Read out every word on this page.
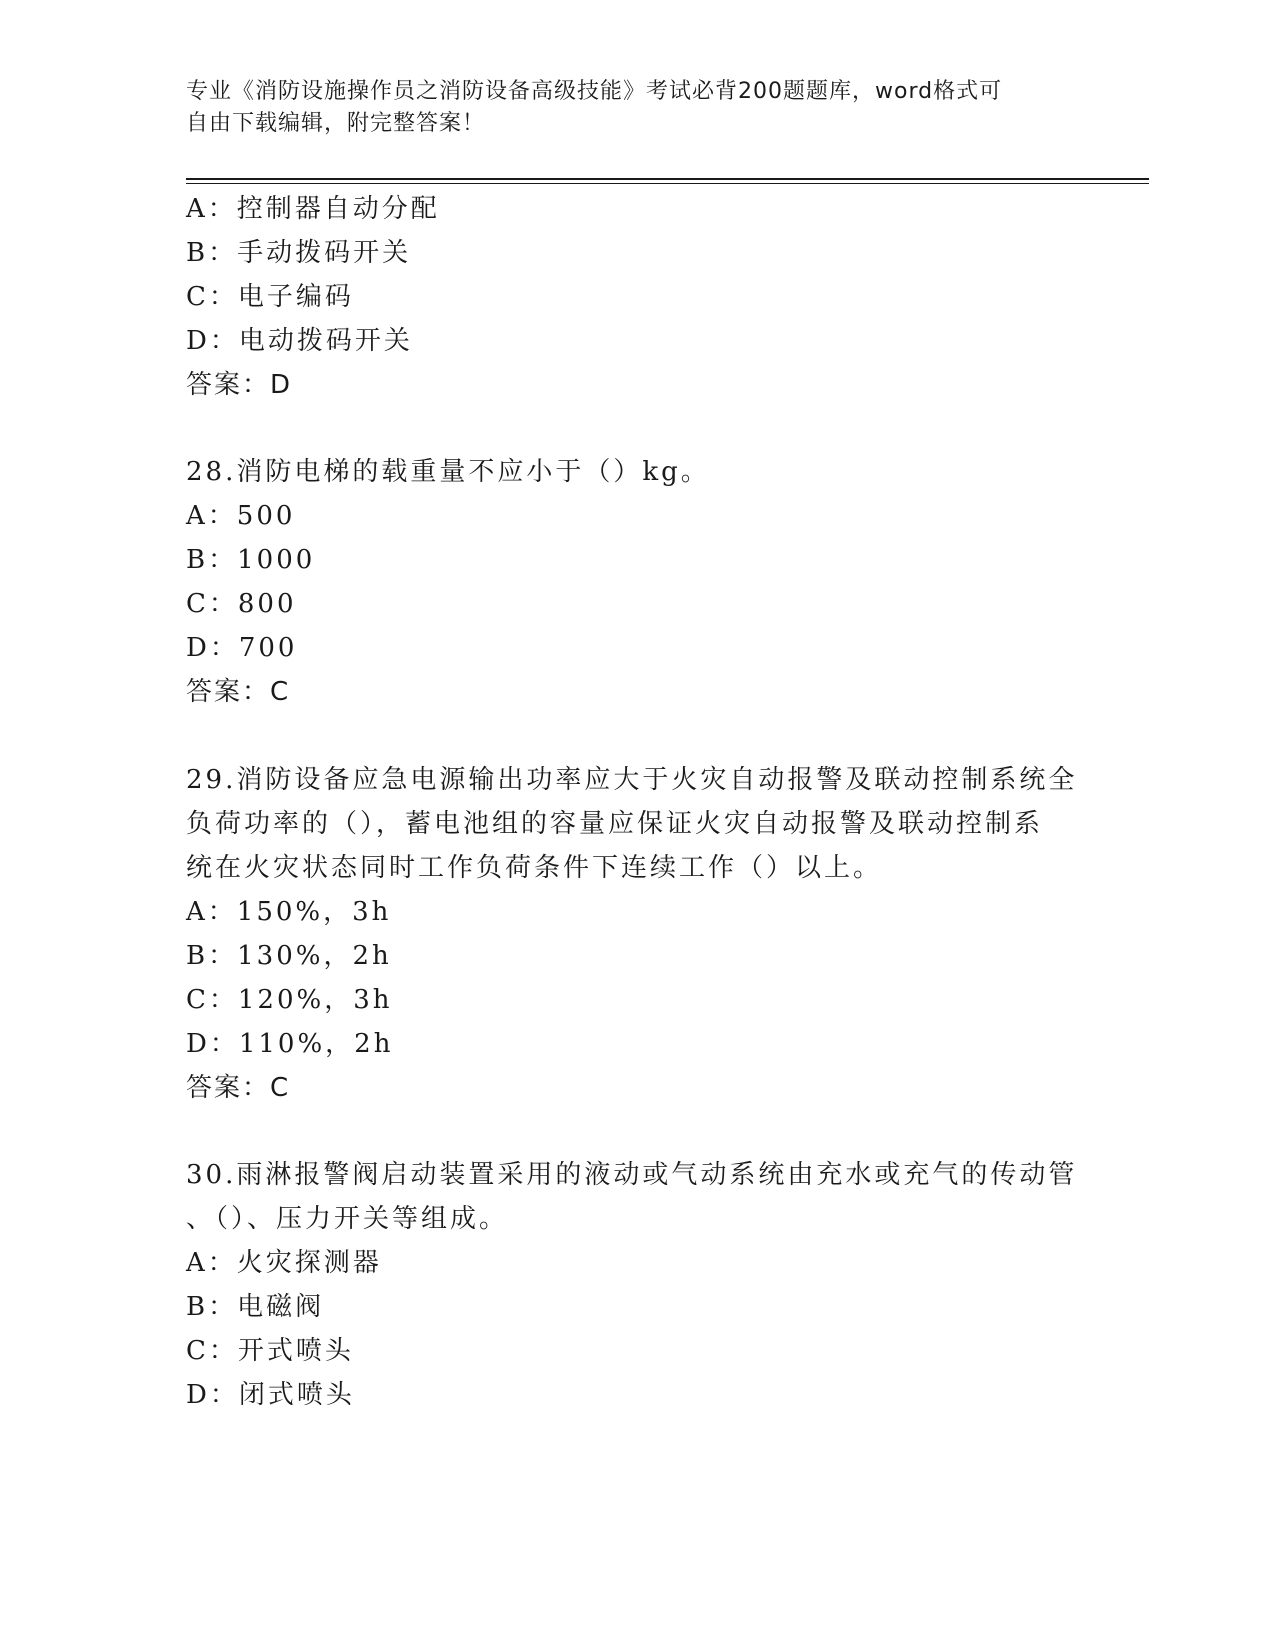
专业《消防设施操作员之消防设备高级技能》考试必背200题题库，word格式可
自由下载编辑，附完整答案！
A：控制器自动分配
B：手动拨码开关
C：电子编码
D：电动拨码开关
答案：D
28.消防电梯的载重量不应小于（）kg。
A：500
B：1000
C：800
D：700
答案：C
29.消防设备应急电源输出功率应大于火灾自动报警及联动控制系统全
负荷功率的（），蓄电池组的容量应保证火灾自动报警及联动控制系
统在火灾状态同时工作负荷条件下连续工作（）以上。
A：150%，3h
B：130%，2h
C：120%，3h
D：110%，2h
答案：C
30.雨淋报警阀启动装置采用的液动或气动系统由充水或充气的传动管
、（）、压力开关等组成。
A：火灾探测器
B：电磁阀
C：开式喷头
D：闭式喷头
